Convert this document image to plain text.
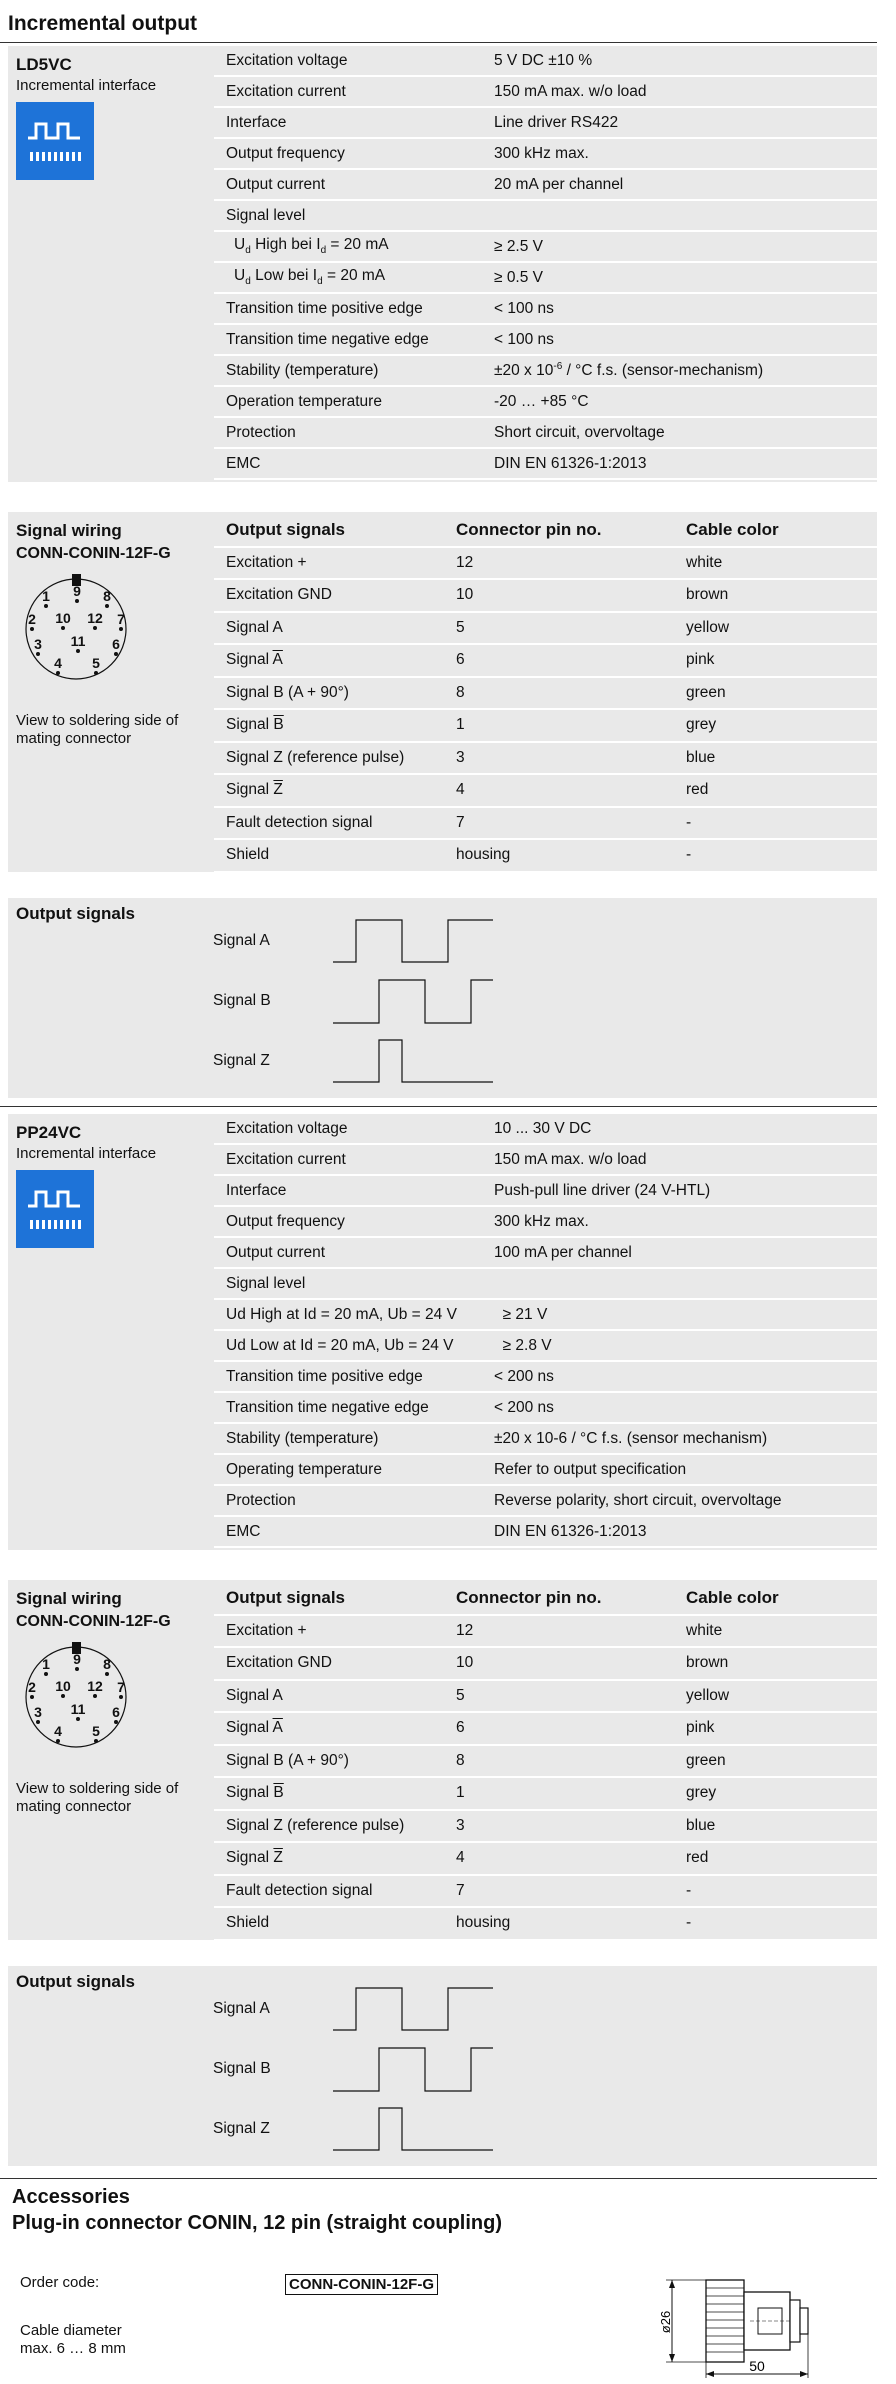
Incremental output
LD5VC
Incremental interface
Excitation voltage	5 V DC ±10 %
Excitation current	150 mA max. w/o load
Interface	Line driver RS422
Output frequency	300 kHz max.
Output current	20 mA per channel
Signal level
$U_d$ High bei $I_d = 20$ mA	≥ 2.5 V
$U_d$ Low bei $I_d = 20$ mA	≥ 0.5 V
Transition time positive edge	< 100 ns
Transition time negative edge	< 100 ns
Stability (temperature)	±20 x $10^{-6} / ^\circ C$ f.s. (sensor-mechanism)
Operation temperature	-20 … +85 °C
Protection	Short circuit, overvoltage
EMC	DIN EN 61326-1:2013
Signal wiring
CONN-CONIN-12F-G
1 9 8
2 10 12 7
3 11 6
4 5
View to soldering side of mating connector
Output signals	Connector pin no.	Cable color
Excitation +	12	white
Excitation GND	10	brown
Signal A	5	yellow
Signal $\overline{A}$	6	pink
Signal B (A + 90°)	8	green
Signal $\overline{B}$	1	grey
Signal Z (reference pulse)	3	blue
Signal $\overline{Z}$	4	red
Fault detection signal	7	-
Shield	housing	-
Output signals
Signal A
Signal B
Signal Z
PP24VC
Incremental interface
Excitation voltage	10 ... 30 V DC
Excitation current	150 mA max. w/o load
Interface	Push-pull line driver (24 V-HTL)
Output frequency	300 kHz max.
Output current	100 mA per channel
Signal level
Ud High at Id = 20 mA, Ub = 24 V	≥ 21 V
Ud Low at Id = 20 mA, Ub = 24 V	≥ 2.8 V
Transition time positive edge	< 200 ns
Transition time negative edge	< 200 ns
Stability (temperature)	±20 x 10-6 / °C f.s. (sensor mechanism)
Operating temperature	Refer to output specification
Protection	Reverse polarity, short circuit, overvoltage
EMC	DIN EN 61326-1:2013
Signal wiring
CONN-CONIN-12F-G
1 9 8
2 10 12 7
3 11 6
4 5
View to soldering side of mating connector
Output signals	Connector pin no.	Cable color
Excitation +	12	white
Excitation GND	10	brown
Signal A	5	yellow
Signal $\overline{A}$	6	pink
Signal B (A + 90°)	8	green
Signal $\overline{B}$	1	grey
Signal Z (reference pulse)	3	blue
Signal $\overline{Z}$	4	red
Fault detection signal	7	-
Shield	housing	-
Output signals
Signal A
Signal B
Signal Z
Accessories
Plug-in connector CONIN, 12 pin (straight coupling)
Order code:	CONN-CONIN-12F-G
Cable diameter
max. 6 … 8 mm
ø26
50
